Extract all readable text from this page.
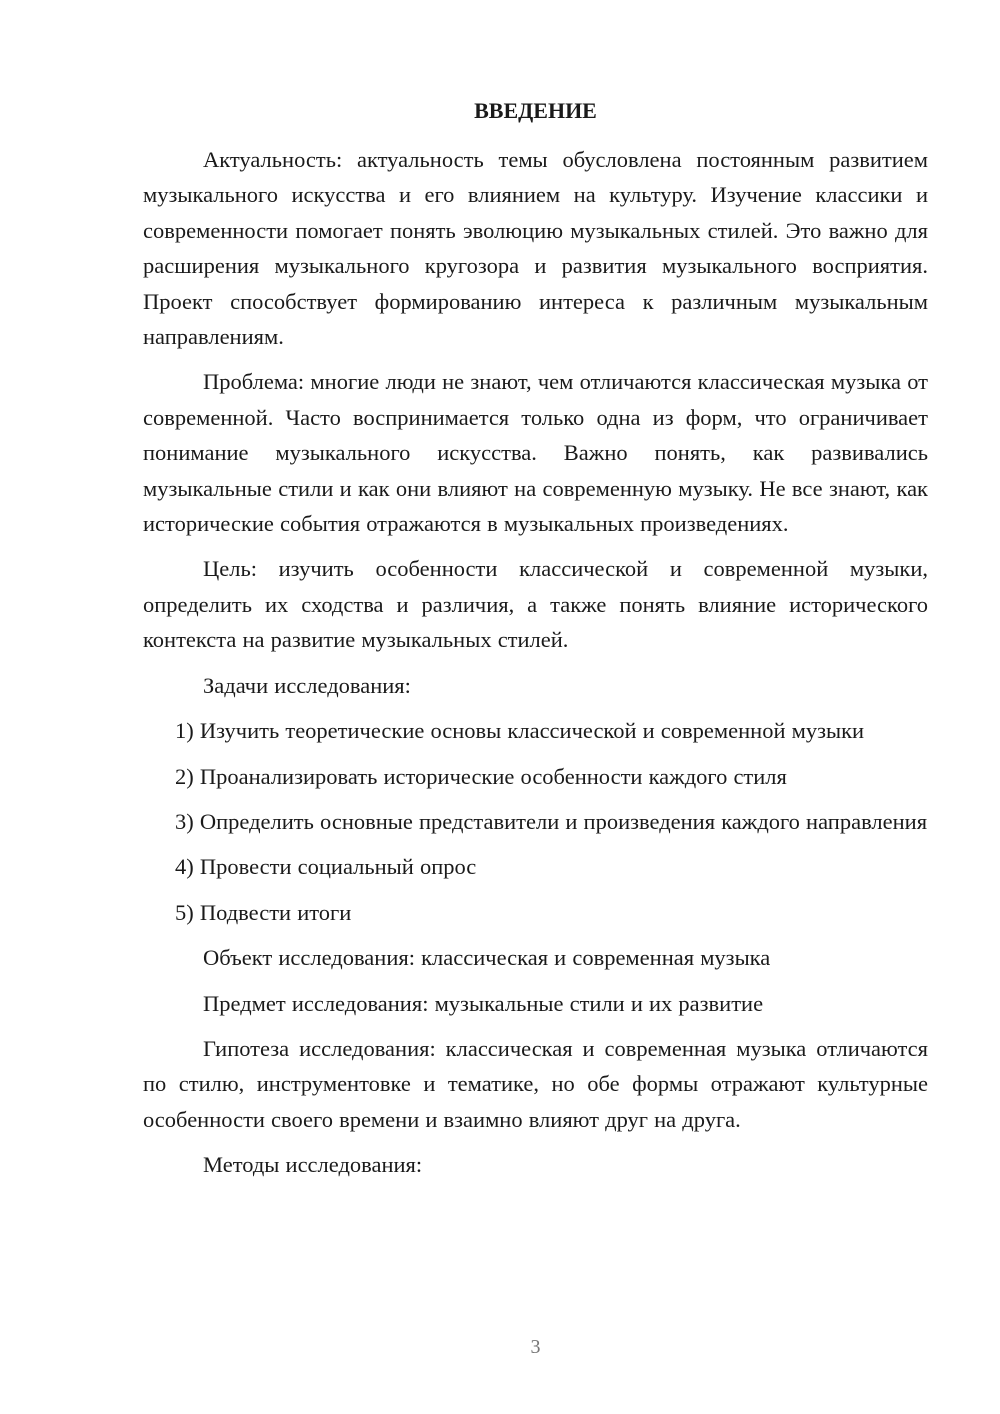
ВВЕДЕНИЕ

Актуальность: актуальность темы обусловлена постоянным развитием музыкального искусства и его влиянием на культуру. Изучение классики и современности помогает понять эволюцию музыкальных стилей. Это важно для расширения музыкального кругозора и развития музыкального восприятия. Проект способствует формированию интереса к различным музыкальным направлениям.

Проблема: многие люди не знают, чем отличаются классическая музыка от современной. Часто воспринимается только одна из форм, что ограничивает понимание музыкального искусства. Важно понять, как развивались музыкальные стили и как они влияют на современную музыку. Не все знают, как исторические события отражаются в музыкальных произведениях.

Цель: изучить особенности классической и современной музыки, определить их сходства и различия, а также понять влияние исторического контекста на развитие музыкальных стилей.

Задачи исследования:

1) Изучить теоретические основы классической и современной музыки

2) Проанализировать исторические особенности каждого стиля

3) Определить основные представители и произведения каждого направления

4) Провести социальный опрос

5) Подвести итоги

Объект исследования: классическая и современная музыка

Предмет исследования: музыкальные стили и их развитие

Гипотеза исследования: классическая и современная музыка отличаются по стилю, инструментовке и тематике, но обе формы отражают культурные особенности своего времени и взаимно влияют друг на друга.

Методы исследования:

3
